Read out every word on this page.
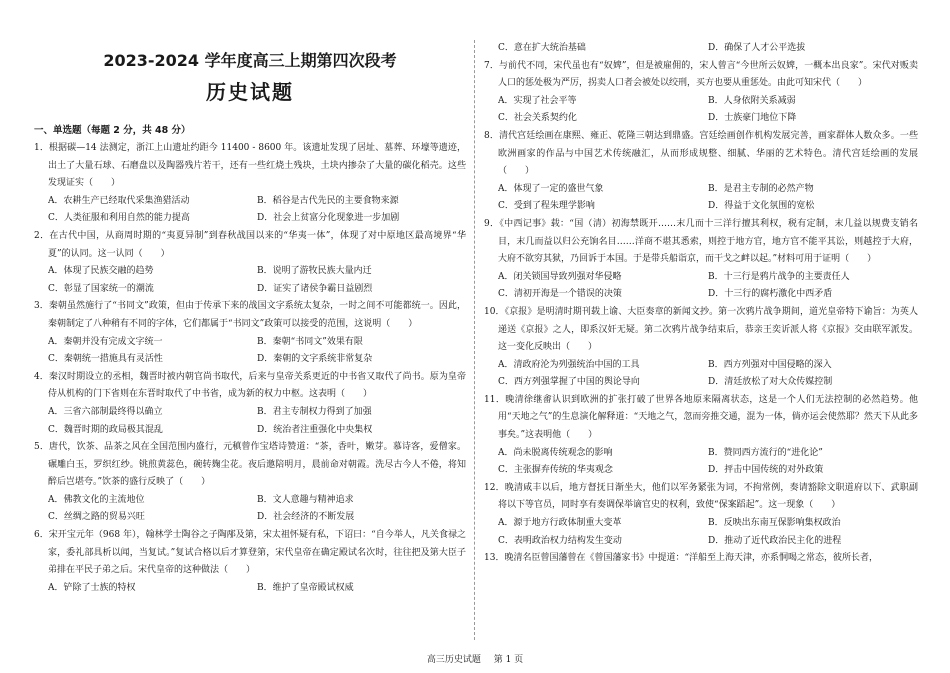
2023-2024 学年度高三上期第四次段考
历史试题
一、单选题（每题 2 分，共 48 分）
1．根据碳—14 法测定，浙江上山遗址约距今 11400 - 8600 年。该遗址发现了居址、墓葬、环壕等遗迹，出土了大量石球、石磨盘以及陶器残片若干，还有一些红烧土残块，土块内掺杂了大量的碳化稻壳。这些发现证实（　　）
A．农耕生产已经取代采集渔猎活动	B．稻谷是古代先民的主要食物来源
C．人类征服和利用自然的能力提高	D．社会上贫富分化现象进一步加剧
2．在古代中国，从商周时期的“夷夏异制”到春秋战国以来的“华夷一体”，体现了对中原地区最高境界“华夏”的认同。这一认同（　　）
A．体现了民族交融的趋势	B．说明了游牧民族大量内迁
C．彰显了国家统一的潮流	D．证实了诸侯争霸日益剧烈
3．秦朝虽然施行了“书同文”政策，但由于传承下来的战国文字系统太复杂，一时之间不可能都统一。因此，秦朝制定了八种稍有不同的字体，它们都属于“书同文”政策可以接受的范围，这说明（　　）
A．秦朝并没有完成文字统一	B．秦朝“书同文”效果有限
C．秦朝统一措施具有灵活性	D．秦朝的文字系统非常复杂
4．秦汉时期设立的丞相，魏晋时被内朝官尚书取代，后来与皇帝关系更近的中书省又取代了尚书。原为皇帝侍从机构的门下省则在东晋时取代了中书省，成为新的权力中枢。这表明（　　）
A．三省六部制最终得以确立	B．君主专制权力得到了加强
C．魏晋时期的政局极其混乱	D．统治者注重强化中央集权
5．唐代，饮茶、品茶之风在全国范围内盛行，元稹曾作宝塔诗赞道：“茶，香叶，嫩芽。慕诗客，爱僧家。碾雕白玉，罗织红纱。铫煎黄蕊色，碗转麹尘花。夜后邀陪明月，晨前命对朝霞。洗尽古今人不倦，将知醉后岂堪夸。”饮茶的盛行反映了（　　）
A．佛教文化的主流地位	B．文人意趣与精神追求
C．丝绸之路的贸易兴旺	D．社会经济的不断发展
6．宋开宝元年（968 年），翰林学士陶谷之子陶邴及第，宋太祖怀疑有私，下诏曰：“自今举人，凡关食禄之家，委礼部具析以闻，当复试。”复试合格以后才算登第，宋代皇帝在确定殿试名次时，往往把及第大臣子弟排在平民子弟之后。宋代皇帝的这种做法（　　）
A．铲除了士族的特权	B．维护了皇帝殿试权威
C．意在扩大统治基础	D．确保了人才公平选拔
7．与前代不同，宋代虽也有“奴婢”，但是被雇佣的，宋人曾言“今世所云奴婢，一概本出良家”。宋代对贩卖人口的惩处极为严厉，拐卖人口者会被处以绞刑，买方也要从重惩处。由此可知宋代（　　）
A．实现了社会平等	B．人身依附关系减弱
C．社会关系契约化	D．士族豪门地位下降
8．清代宫廷绘画在康熙、雍正、乾隆三朝达到鼎盛。宫廷绘画创作机构发展完善，画家群体人数众多。一些欧洲画家的作品与中国艺术传统融汇，从而形成规整、细腻、华丽的艺术特色。清代宫廷绘画的发展（　　）
A．体现了一定的盛世气象	B．是君主专制的必然产物
C．受到了程朱理学影响	D．得益于文化氛围的宽松
9．《中西记事》载：“国（清）初海禁既开……末几而十三洋行擅其利权，税有定制，末几益以规费支销名目，末几而益以归公充饷名目……洋商不堪其悉索，则控于地方官，地方官不能平其讼，则越控于大府，大府不欲穷其狱，乃回诉于本国。于是带兵船诣京，而干戈之衅以起。”材料可用于证明（　　）
A．闭关锁国导致列强对华侵略	B．十三行是鸦片战争的主要责任人
C．清初开海是一个错误的决策	D．十三行的腐朽激化中西矛盾
10．《京报》是明清时期刊载上谕、大臣奏章的新闻文抄。第一次鸦片战争期间，道光皇帝特下谕旨：为英人递送《京报》之人，即系汉奸无疑。第二次鸦片战争结束后，恭亲王奕䜣派人将《京报》交由联军派发。这一变化反映出（　　）
A．清政府沦为列强统治中国的工具	B．西方列强对中国侵略的深入
C．西方列强掌握了中国的舆论导向	D．清廷放松了对大众传媒控制
11．晚清徐继畬认识到欧洲的扩张打破了世界各地原来隔离状态，这是一个人们无法控制的必然趋势。他用“天地之气”的生息演化解释道：“天地之气，忽而旁推交通，混为一体，倘亦运会使然耶？然天下从此多事矣。”这表明他（　　）
A．尚未脱离传统观念的影响	B．赞同西方流行的“进化论”
C．主张摒弃传统的华夷观念	D．抨击中国传统的对外政策
12．晚清咸丰以后，地方督抚日渐坐大，他们以军务紧张为词，不拘常例，奏请豁除文职道府以下、武职副将以下等官员，同时享有奏调保举谪官史的权利，致使“保案蹈起”。这一现象（　　）
A．源于地方行政体制重大变革	B．反映出东南互保影响集权政治
C．表明政治权力结构发生变动	D．推动了近代政治民主化的进程
13．晚清名臣曾国藩曾在《曾国藩家书》中提道：“洋船至上海天津，亦系恫喝之常态，彼所长者，
高三历史试题 第 1 页
